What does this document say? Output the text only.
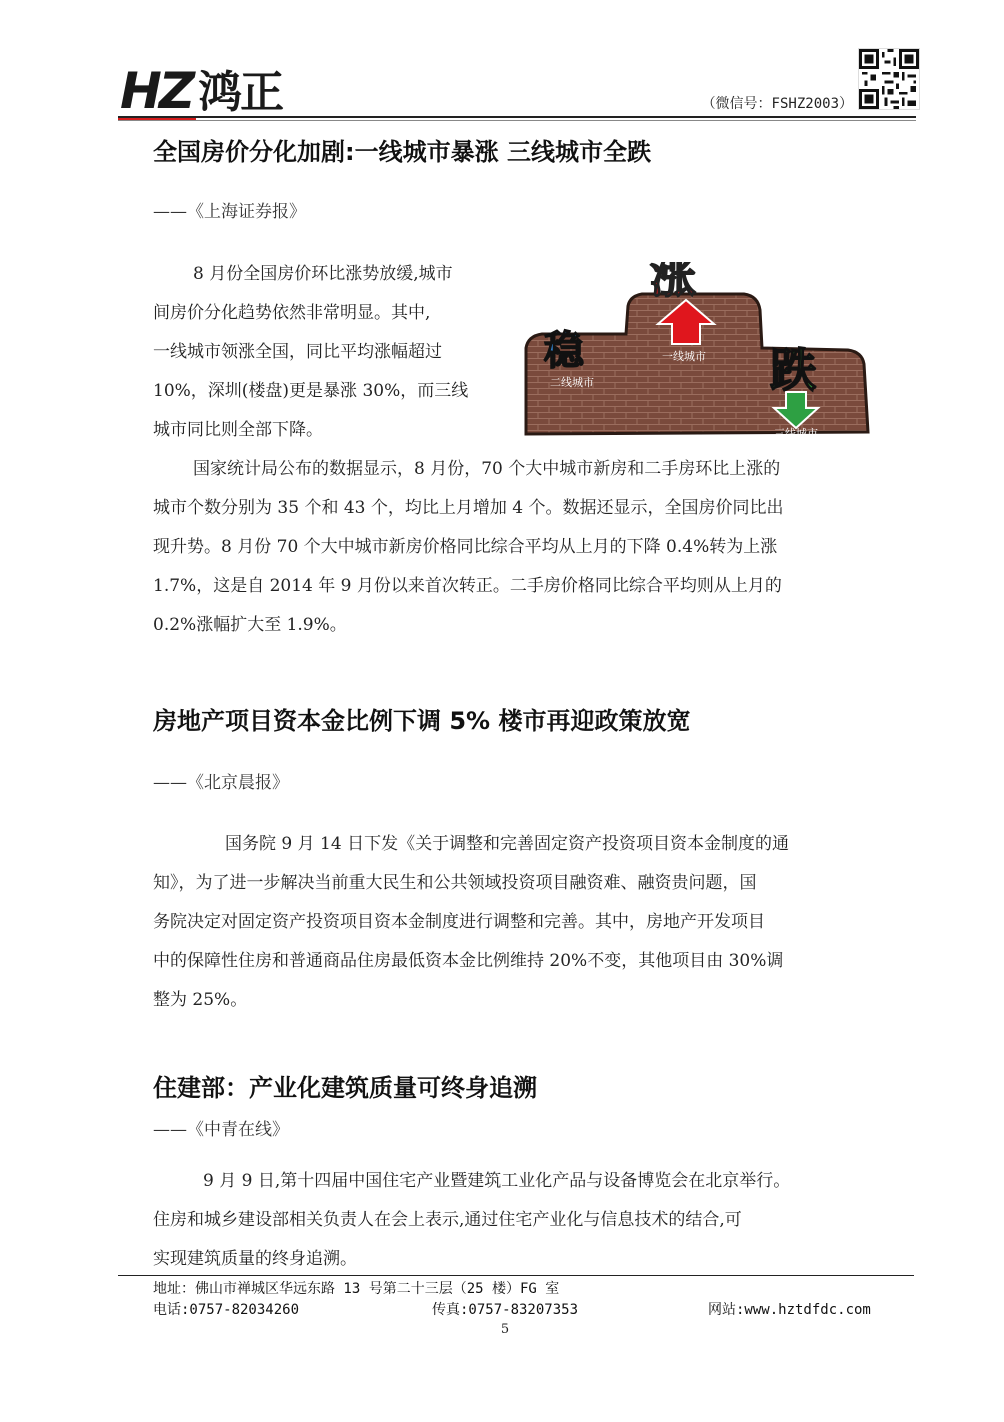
HZ 鸿正	（微信号：FSHZ2003）
全国房价分化加剧:一线城市暴涨 三线城市全跌
——《上海证券报》
8 月份全国房价环比涨势放缓,城市
间房价分化趋势依然非常明显。其中,
一线城市领涨全国，同比平均涨幅超过
10%，深圳(楼盘)更是暴涨 30%，而三线
城市同比则全部下降。
涨
稳	跌
一线城市
二线城市
三线城市
国家统计局公布的数据显示，8 月份，70 个大中城市新房和二手房环比上涨的
城市个数分别为 35 个和 43 个，均比上月增加 4 个。数据还显示，全国房价同比出
现升势。8 月份 70 个大中城市新房价格同比综合平均从上月的下降 0.4%转为上涨
1.7%，这是自 2014 年 9 月份以来首次转正。二手房价格同比综合平均则从上月的
0.2%涨幅扩大至 1.9%。
房地产项目资本金比例下调 5% 楼市再迎政策放宽
——《北京晨报》
国务院 9 月 14 日下发《关于调整和完善固定资产投资项目资本金制度的通
知》，为了进一步解决当前重大民生和公共领域投资项目融资难、融资贵问题，国
务院决定对固定资产投资项目资本金制度进行调整和完善。其中，房地产开发项目
中的保障性住房和普通商品住房最低资本金比例维持 20%不变，其他项目由 30%调
整为 25%。
住建部：产业化建筑质量可终身追溯
——《中青在线》
9 月 9 日,第十四届中国住宅产业暨建筑工业化产品与设备博览会在北京举行。
住房和城乡建设部相关负责人在会上表示,通过住宅产业化与信息技术的结合,可
实现建筑质量的终身追溯。
地址：佛山市禅城区华远东路 13 号第二十三层（25 楼）FG 室
电话:0757-82034260	传真:0757-83207353	网站:www.hztdfdc.com
5
